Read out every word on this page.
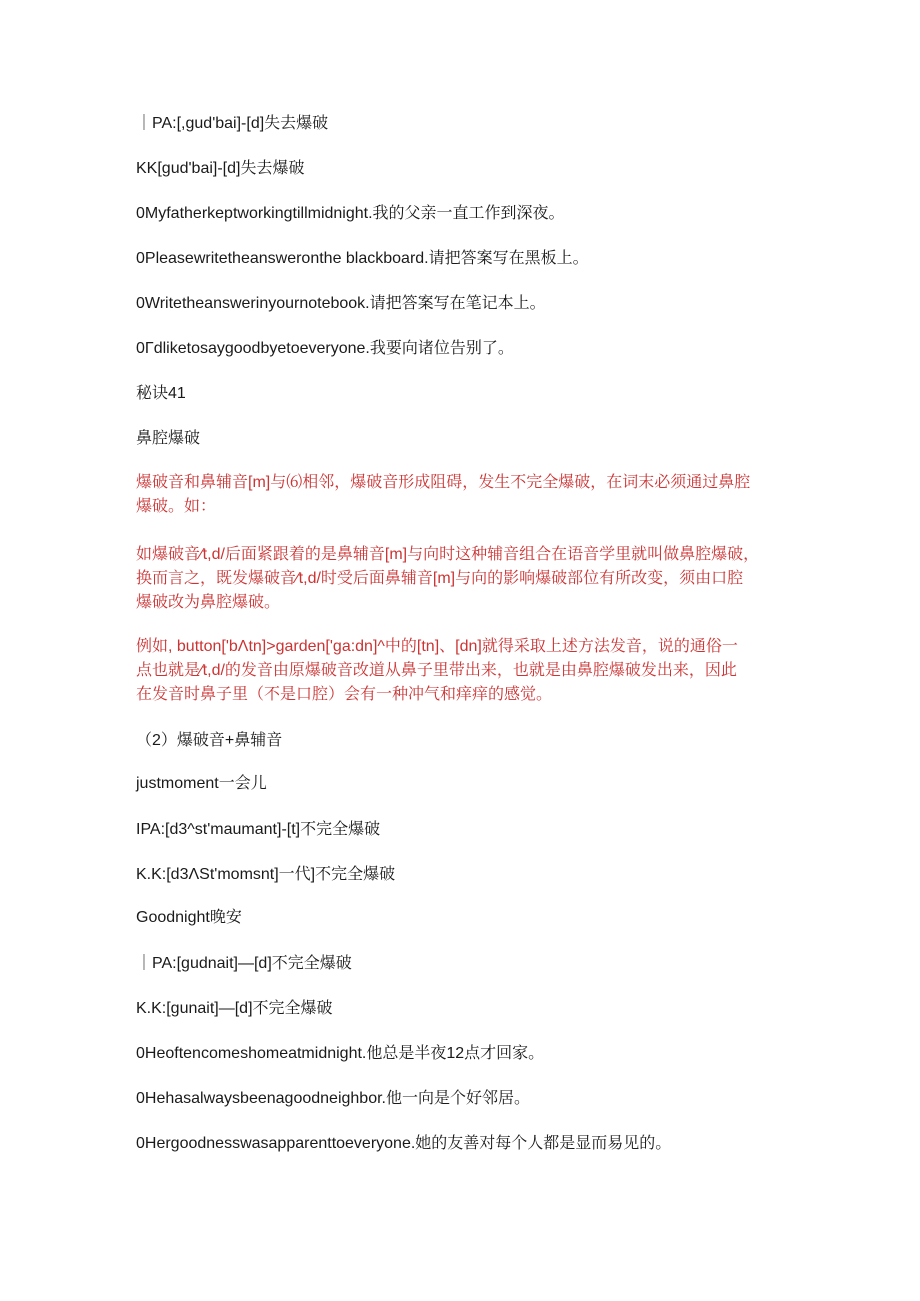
｜PA:[,gud'bai]-[d]失去爆破
KK[gud'bai]-[d]失去爆破
0Myfatherkeptworkingtillmidnight.我的父亲一直工作到深夜。
0Pleasewritetheansweronthe blackboard.请把答案写在黑板上。
0Writetheanswerinyournotebook.请把答案写在笔记本上。
0Γdliketosaygoodbyetoeveryone.我要向诸位告别了。
秘诀41
鼻腔爆破
爆破音和鼻辅音[m]与⑹相邻，爆破音形成阻碍，发生不完全爆破，在词末必须通过鼻腔
爆破。如：
如爆破音∕t,d/后面紧跟着的是鼻辅音[m]与向时这种辅音组合在语音学里就叫做鼻腔爆破，
换而言之，既发爆破音∕t,d/时受后面鼻辅音[m]与向的影响爆破部位有所改变，须由口腔
爆破改为鼻腔爆破。
例如, button['bΛtn]>garden['ga:dn]^中的[tn]、[dn]就得采取上述方法发音，说的通俗一
点也就是∕t,d/的发音由原爆破音改道从鼻子里带出来，也就是由鼻腔爆破发出来，因此
在发音时鼻子里（不是口腔）会有一种冲气和痒痒的感觉。
（2）爆破音+鼻辅音
justmoment一会儿
IPA:[d3^st'maumant]-[t]不完全爆破
K.K:[d3ΛSt'momsnt]一代]不完全爆破
Goodnight晚安
｜PA:[gudnait]—[d]不完全爆破
K.K:[gunait]—[d]不完全爆破
0Heoftencomeshomeatmidnight.他总是半夜12点才回家。
0Hehasalwaysbeenagoodneighbor.他一向是个好邻居。
0Hergoodnesswasapparenttoeveryone.她的友善对每个人都是显而易见的。
